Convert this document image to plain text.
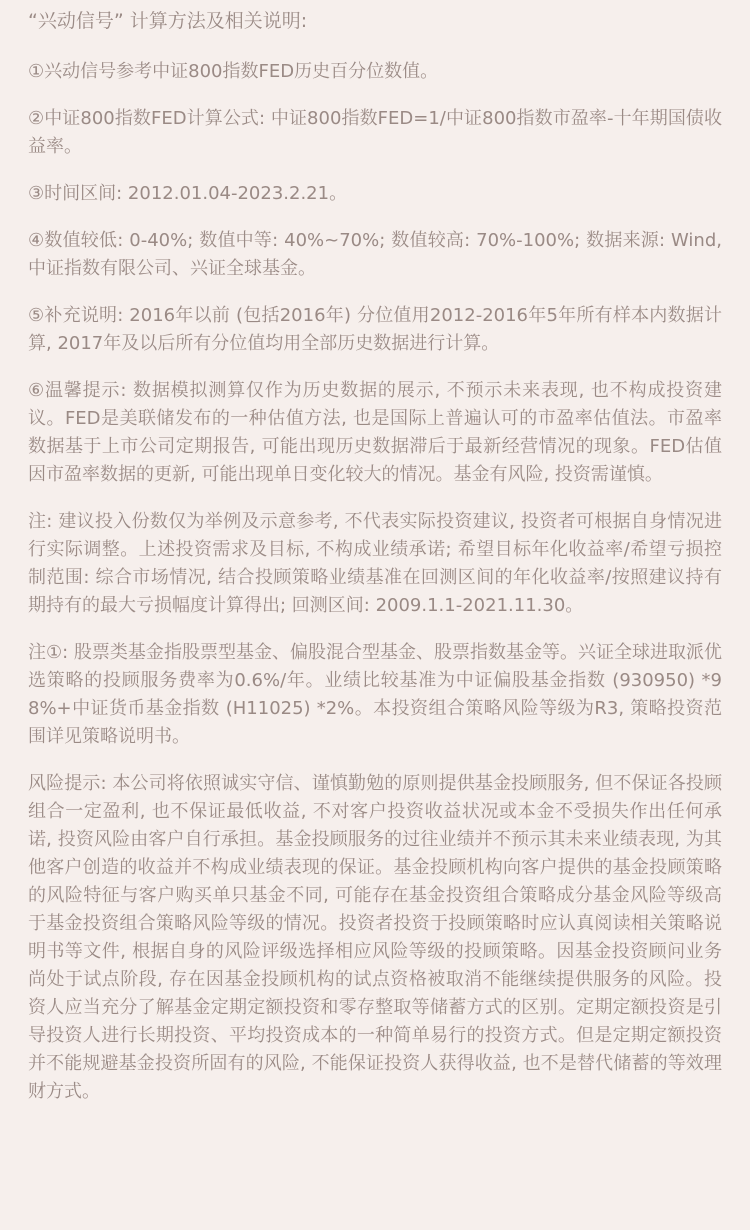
“兴动信号” 计算方法及相关说明:
①兴动信号参考中证800指数FED历史百分位数值。
②中证800指数FED计算公式: 中证800指数FED=1/中证800指数市盈率-十年期国债收益率。
③时间区间: 2012.01.04-2023.2.21。
④数值较低: 0-40%; 数值中等: 40%~70%; 数值较高: 70%-100%; 数据来源: Wind, 中证指数有限公司、兴证全球基金。
⑤补充说明: 2016年以前 (包括2016年) 分位值用2012-2016年5年所有样本内数据计算, 2017年及以后所有分位值均用全部历史数据进行计算。
⑥温馨提示: 数据模拟测算仅作为历史数据的展示, 不预示未来表现, 也不构成投资建议。FED是美联储发布的一种估值方法, 也是国际上普遍认可的市盈率估值法。市盈率数据基于上市公司定期报告, 可能出现历史数据滞后于最新经营情况的现象。FED估值因市盈率数据的更新, 可能出现单日变化较大的情况。基金有风险, 投资需谨慎。
注: 建议投入份数仅为举例及示意参考, 不代表实际投资建议, 投资者可根据自身情况进行实际调整。上述投资需求及目标, 不构成业绩承诺; 希望目标年化收益率/希望亏损控制范围: 综合市场情况, 结合投顾策略业绩基准在回测区间的年化收益率/按照建议持有期持有的最大亏损幅度计算得出; 回测区间: 2009.1.1-2021.11.30。
注①: 股票类基金指股票型基金、偏股混合型基金、股票指数基金等。兴证全球进取派优选策略的投顾服务费率为0.6%/年。业绩比较基准为中证偏股基金指数 (930950) *98%+中证货币基金指数 (H11025) *2%。本投资组合策略风险等级为R3, 策略投资范围详见策略说明书。
风险提示: 本公司将依照诚实守信、谨慎勤勉的原则提供基金投顾服务, 但不保证各投顾组合一定盈利, 也不保证最低收益, 不对客户投资收益状况或本金不受损失作出任何承诺, 投资风险由客户自行承担。基金投顾服务的过往业绩并不预示其未来业绩表现, 为其他客户创造的收益并不构成业绩表现的保证。基金投顾机构向客户提供的基金投顾策略的风险特征与客户购买单只基金不同, 可能存在基金投资组合策略成分基金风险等级高于基金投资组合策略风险等级的情况。投资者投资于投顾策略时应认真阅读相关策略说明书等文件, 根据自身的风险评级选择相应风险等级的投顾策略。因基金投资顾问业务尚处于试点阶段, 存在因基金投顾机构的试点资格被取消不能继续提供服务的风险。投资人应当充分了解基金定期定额投资和零存整取等储蓄方式的区别。定期定额投资是引导投资人进行长期投资、平均投资成本的一种简单易行的投资方式。但是定期定额投资并不能规避基金投资所固有的风险, 不能保证投资人获得收益, 也不是替代储蓄的等效理财方式。
